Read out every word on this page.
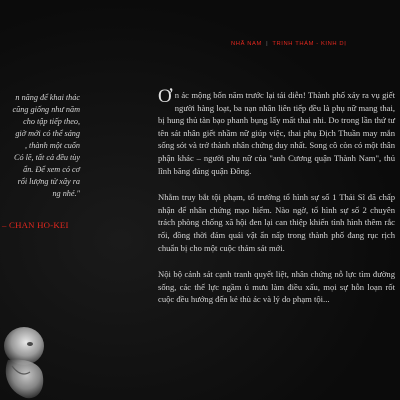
n năng để khai thác
cũng giống như năm
cho tập tiếp theo,
giờ mới có thể sáng
, thành một cuốn
Có lẽ, tất cả đều tùy
ẩn. Để xem có cơ
rổi lượng từ xây ra
ng nhé."
– CHAN HO-KEI
NHÃ NAM | TRINH THÁM - KINH DỊ

Ơn ác mộng bốn năm trước lại tái diễn! Thành phố xảy ra vụ giết người hàng loạt, ba nạn nhân liên tiếp đều là phụ nữ mang thai, bị hung thủ tàn bạo phanh bụng lấy mất thai nhi. Do trong lần thứ tư tên sát nhân giết nhầm nữ giúp việc, thai phụ Địch Thuần may mắn sống sót và trở thành nhân chứng duy nhất. Song cô còn có một thân phận khác – người phụ nữ của "anh Cương quận Thành Nam", thủ lĩnh băng đảng quận Đông.

Nhằm truy bắt tội phạm, tổ trưởng tổ hình sự số 1 Thái Sĩ đã chấp nhận để nhân chứng mạo hiểm. Nào ngờ, tổ hình sự số 2 chuyên trách phòng chống xã hội đen lại can thiệp khiến tình hình thêm rắc rối, đồng thời đám quái vật ẩn nấp trong thành phố đang rục rịch chuẩn bị cho một cuộc thảm sát mới.

Nội bộ cảnh sát cạnh tranh quyết liệt, nhân chứng nỗ lực tìm đường sống, các thế lực ngầm ủ mưu làm điều xấu, mọi sự hỗn loạn rốt cuộc đều hướng đến kẻ thù ác và lý do phạm tội...
